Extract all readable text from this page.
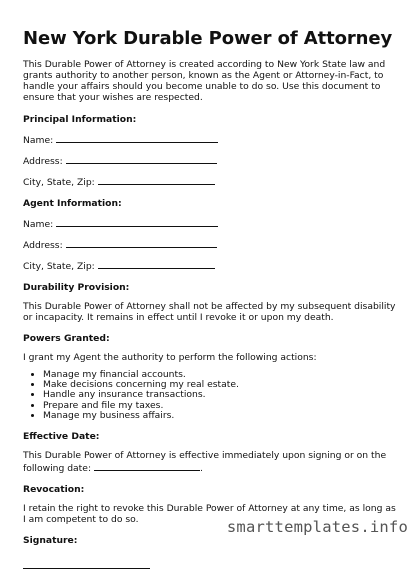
New York Durable Power of Attorney

This Durable Power of Attorney is created according to New York State law and grants authority to another person, known as the Agent or Attorney-in-Fact, to handle your affairs should you become unable to do so. Use this document to ensure that your wishes are respected.

Principal Information:
Name:
Address:
City, State, Zip:
Agent Information:
Name:
Address:
City, State, Zip:
Durability Provision:

This Durable Power of Attorney shall not be affected by my subsequent disability or incapacity. It remains in effect until I revoke it or upon my death.

Powers Granted:

I grant my Agent the authority to perform the following actions:

• Manage my financial accounts.
• Make decisions concerning my real estate.
• Handle any insurance transactions.
• Prepare and file my taxes.
• Manage my business affairs.
Effective Date:

This Durable Power of Attorney is effective immediately upon signing or on the following date:	.

Revocation:

I retain the right to revoke this Durable Power of Attorney at any time, as long as I am competent to do so.

Signature:
smarttemplates.info
